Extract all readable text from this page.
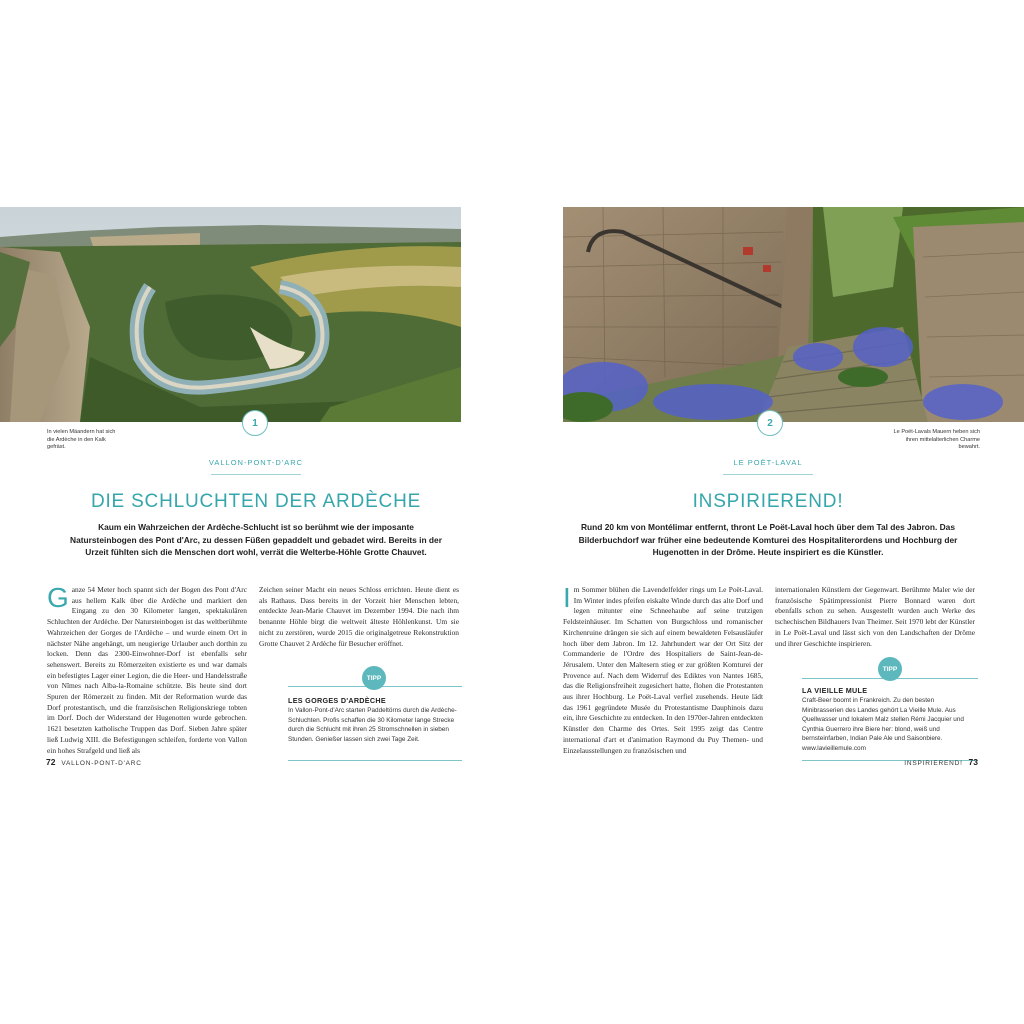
1
In vielen Mäandern hat sich die Ardèche in den Kalk gefräst.
VALLON-PONT-D'ARC
DIE SCHLUCHTEN DER ARDÈCHE
Kaum ein Wahrzeichen der Ardèche-Schlucht ist so berühmt wie der imposante Natursteinbogen des Pont d'Arc, zu dessen Füßen gepaddelt und gebadet wird. Bereits in der Urzeit fühlten sich die Menschen dort wohl, verrät die Welterbe-Höhle Grotte Chauvet.
Ganze 54 Meter hoch spannt sich der Bogen des Pont d'Arc aus hellem Kalk über die Ardèche und markiert den Eingang zu den 30 Kilometer langen, spektakulären Schluchten der Ardèche. Der Natursteinbogen ist das weltberühmte Wahrzeichen der Gorges de l'Ardèche – und wurde einem Ort in nächster Nähe angehängt, um neugierige Urlauber auch dorthin zu locken. Denn das 2300-Einwohner-Dorf ist ebenfalls sehr sehenswert. Bereits zu Römerzeiten existierte es und war damals ein befestigtes Lager einer Legion, die die Heer- und Handelsstraße von Nîmes nach Alba-la-Romaine schützte. Bis heute sind dort Spuren der Römerzeit zu finden. Mit der Reformation wurde das Dorf protestantisch, und die französischen Religionskriege tobten im Dorf. Doch der Widerstand der Hugenotten wurde gebrochen. 1621 besetzten katholische Truppen das Dorf. Sieben Jahre später ließ Ludwig XIII. die Befestigungen schleifen, forderte von Vallon ein hohes Strafgeld und ließ als
Zeichen seiner Macht ein neues Schloss errichten. Heute dient es als Rathaus. Dass bereits in der Vorzeit hier Menschen lebten, entdeckte Jean-Marie Chauvet im Dezember 1994. Die nach ihm benannte Höhle birgt die weltweit älteste Höhlenkunst. Um sie nicht zu zerstören, wurde 2015 die originalgetreue Rekonstruktion Grotte Chauvet 2 Ardèche für Besucher eröffnet.
TIPP
LES GORGES D'ARDÈCHE
In Vallon-Pont-d'Arc starten Paddeltörns durch die Ardèche-Schluchten. Profis schaffen die 30 Kilometer lange Strecke durch die Schlucht mit ihren 25 Stromschnellen in sieben Stunden. Genießer lassen sich zwei Tage Zeit.
72 VALLON-PONT-D'ARC
2
Le Poët-Lavals Mauern heben sich ihren mittelalterlichen Charme bewahrt.
LE POËT-LAVAL
INSPIRIEREND!
Rund 20 km von Montélimar entfernt, thront Le Poët-Laval hoch über dem Tal des Jabron. Das Bilderbuchdorf war früher eine bedeutende Komturei des Hospitaliterordens und Hochburg der Hugenotten in der Drôme. Heute inspiriert es die Künstler.
Im Sommer blühen die Lavendelfelder rings um Le Poët-Laval. Im Winter indes pfeifen eiskalte Winde durch das alte Dorf und legen mitunter eine Schneehaube auf seine trutzigen Feldsteinhäuser. Im Schatten von Burgschloss und romanischer Kirchenruine drängen sie sich auf einem bewaldeten Felsausläufer hoch über dem Jabron. Im 12. Jahrhundert war der Ort Sitz der Commanderie de l'Ordre des Hospitaliers de Saint-Jean-de-Jérusalem. Unter den Maltesern stieg er zur größten Komturei der Provence auf. Nach dem Widerruf des Ediktes von Nantes 1685, das die Religionsfreiheit zugesichert hatte, flohen die Protestanten aus ihrer Hochburg. Le Poët-Laval verfiel zusehends. Heute lädt das 1961 gegründete Musée du Protestantisme Dauphinois dazu ein, ihre Geschichte zu entdecken. In den 1970er-Jahren entdeckten Künstler den Charme des Ortes. Seit 1995 zeigt das Centre international d'art et d'animation Raymond du Puy Themen- und Einzelausstellungen zu französischen und
internationalen Künstlern der Gegenwart. Berühmte Maler wie der französische Spätimpressionist Pierre Bonnard waren dort ebenfalls schon zu sehen. Ausgestellt wurden auch Werke des tschechischen Bildhauers Ivan Theimer. Seit 1970 lebt der Künstler in Le Poët-Laval und lässt sich von den Landschaften der Drôme und ihrer Geschichte inspirieren.
TIPP
LA VIEILLE MULE
Craft-Beer boomt in Frankreich. Zu den besten Minibrasserien des Landes gehört La Vieille Mule. Aus Quellwasser und lokalem Malz stellen Rémi Jacquier und Cynthia Guerrero ihre Biere her: blond, weiß und bernsteinfarben, Indian Pale Ale und Saisonbiere. www.lavieillemule.com
INSPIRIEREND! 73
